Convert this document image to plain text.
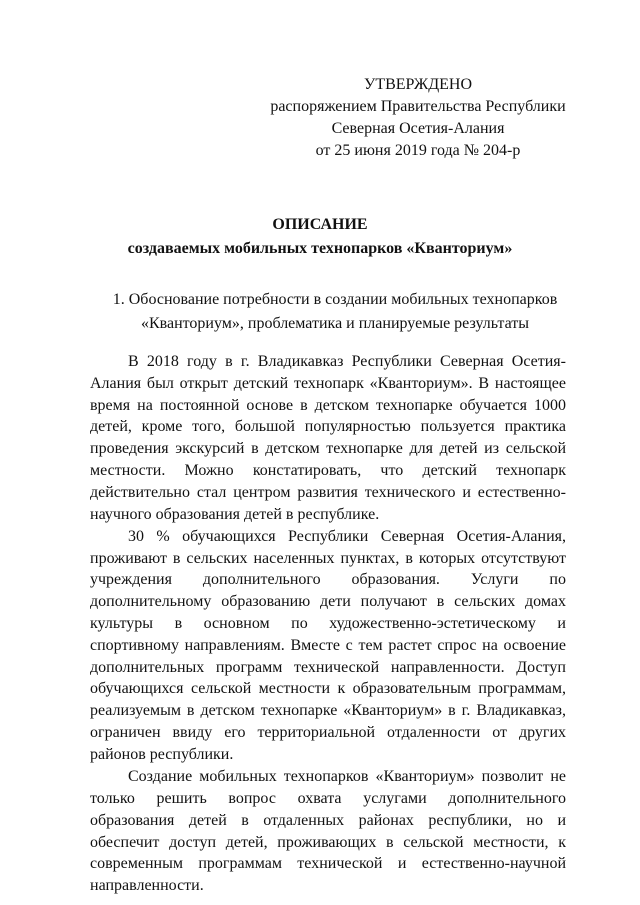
УТВЕРЖДЕНО
распоряжением Правительства Республики
Северная Осетия-Алания
от 25 июня 2019 года № 204-р
ОПИСАНИЕ
создаваемых мобильных технопарков «Кванториум»
1. Обоснование потребности в создании мобильных технопарков
«Кванториум», проблематика и планируемые результаты

В 2018 году в г. Владикавказ Республики Северная Осетия-Алания был открыт детский технопарк «Кванториум». В настоящее время на постоянной основе в детском технопарке обучается 1000 детей, кроме того, большой популярностью пользуется практика проведения экскурсий в детском технопарке для детей из сельской местности. Можно констатировать, что детский технопарк действительно стал центром развития технического и естественно-научного образования детей в республике.

30 % обучающихся Республики Северная Осетия-Алания, проживают в сельских населенных пунктах, в которых отсутствуют учреждения дополнительного образования. Услуги по дополнительному образованию дети получают в сельских домах культуры в основном по художественно-эстетическому и спортивному направлениям. Вместе с тем растет спрос на освоение дополнительных программ технической направленности. Доступ обучающихся сельской местности к образовательным программам, реализуемым в детском технопарке «Кванториум» в г. Владикавказ, ограничен ввиду его территориальной отдаленности от других районов республики.

Создание мобильных технопарков «Кванториум» позволит не только решить вопрос охвата услугами дополнительного образования детей в отдаленных районах республики, но и обеспечит доступ детей, проживающих в сельской местности, к современным программам технической и естественно-научной направленности.
